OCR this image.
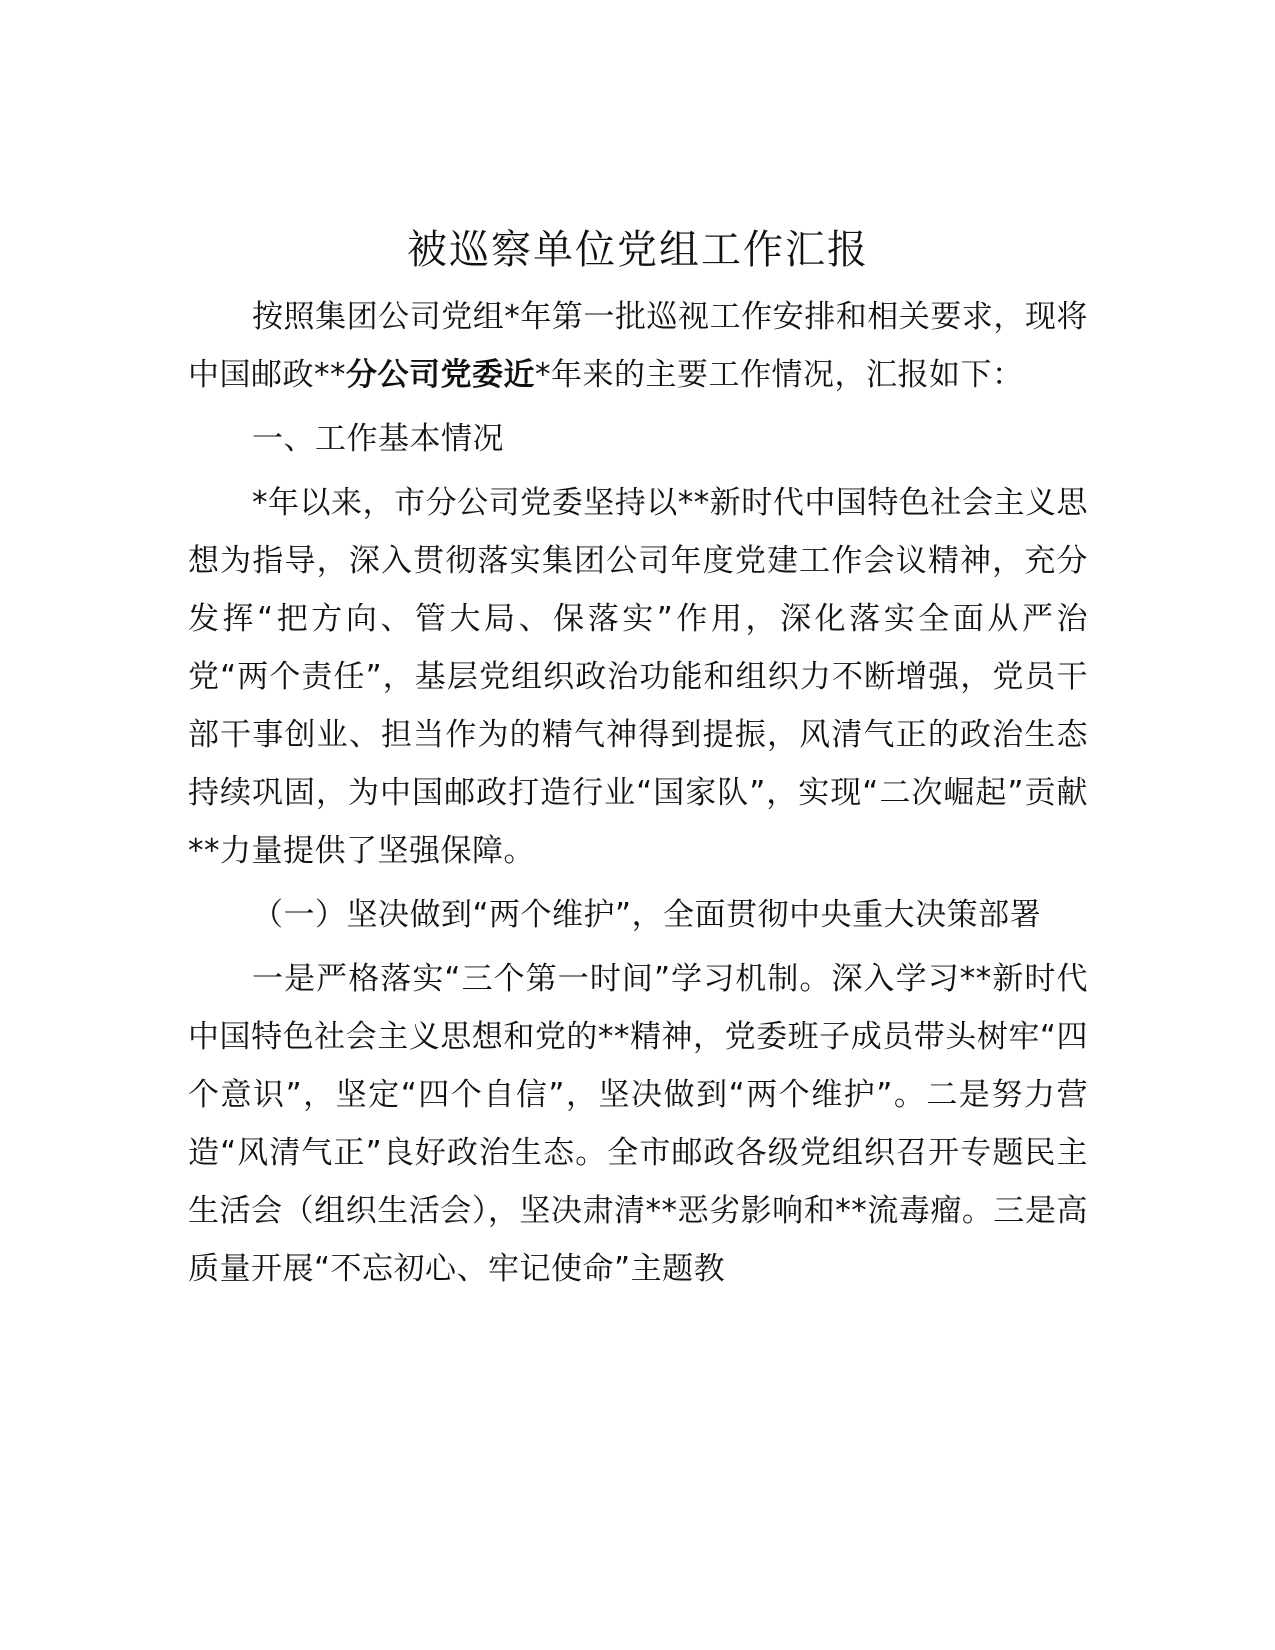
被巡察单位党组工作汇报

按照集团公司党组*年第一批巡视工作安排和相关要求，现将中国邮政**分公司党委近*年来的主要工作情况，汇报如下：

一、工作基本情况

*年以来，市分公司党委坚持以**新时代中国特色社会主义思想为指导，深入贯彻落实集团公司年度党建工作会议精神，充分发挥“把方向、管大局、保落实”作用，深化落实全面从严治党“两个责任”，基层党组织政治功能和组织力不断增强，党员干部干事创业、担当作为的精气神得到提振，风清气正的政治生态持续巩固，为中国邮政打造行业“国家队”，实现“二次崛起”贡献**力量提供了坚强保障。

（一）坚决做到“两个维护”，全面贯彻中央重大决策部署

一是严格落实“三个第一时间”学习机制。深入学习**新时代中国特色社会主义思想和党的**精神，党委班子成员带头树牢“四个意识”，坚定“四个自信”，坚决做到“两个维护”。二是努力营造“风清气正”良好政治生态。全市邮政各级党组织召开专题民主生活会（组织生活会），坚决肃清**恶劣影响和**流毒瘤。三是高质量开展“不忘初心、牢记使命”主题教
